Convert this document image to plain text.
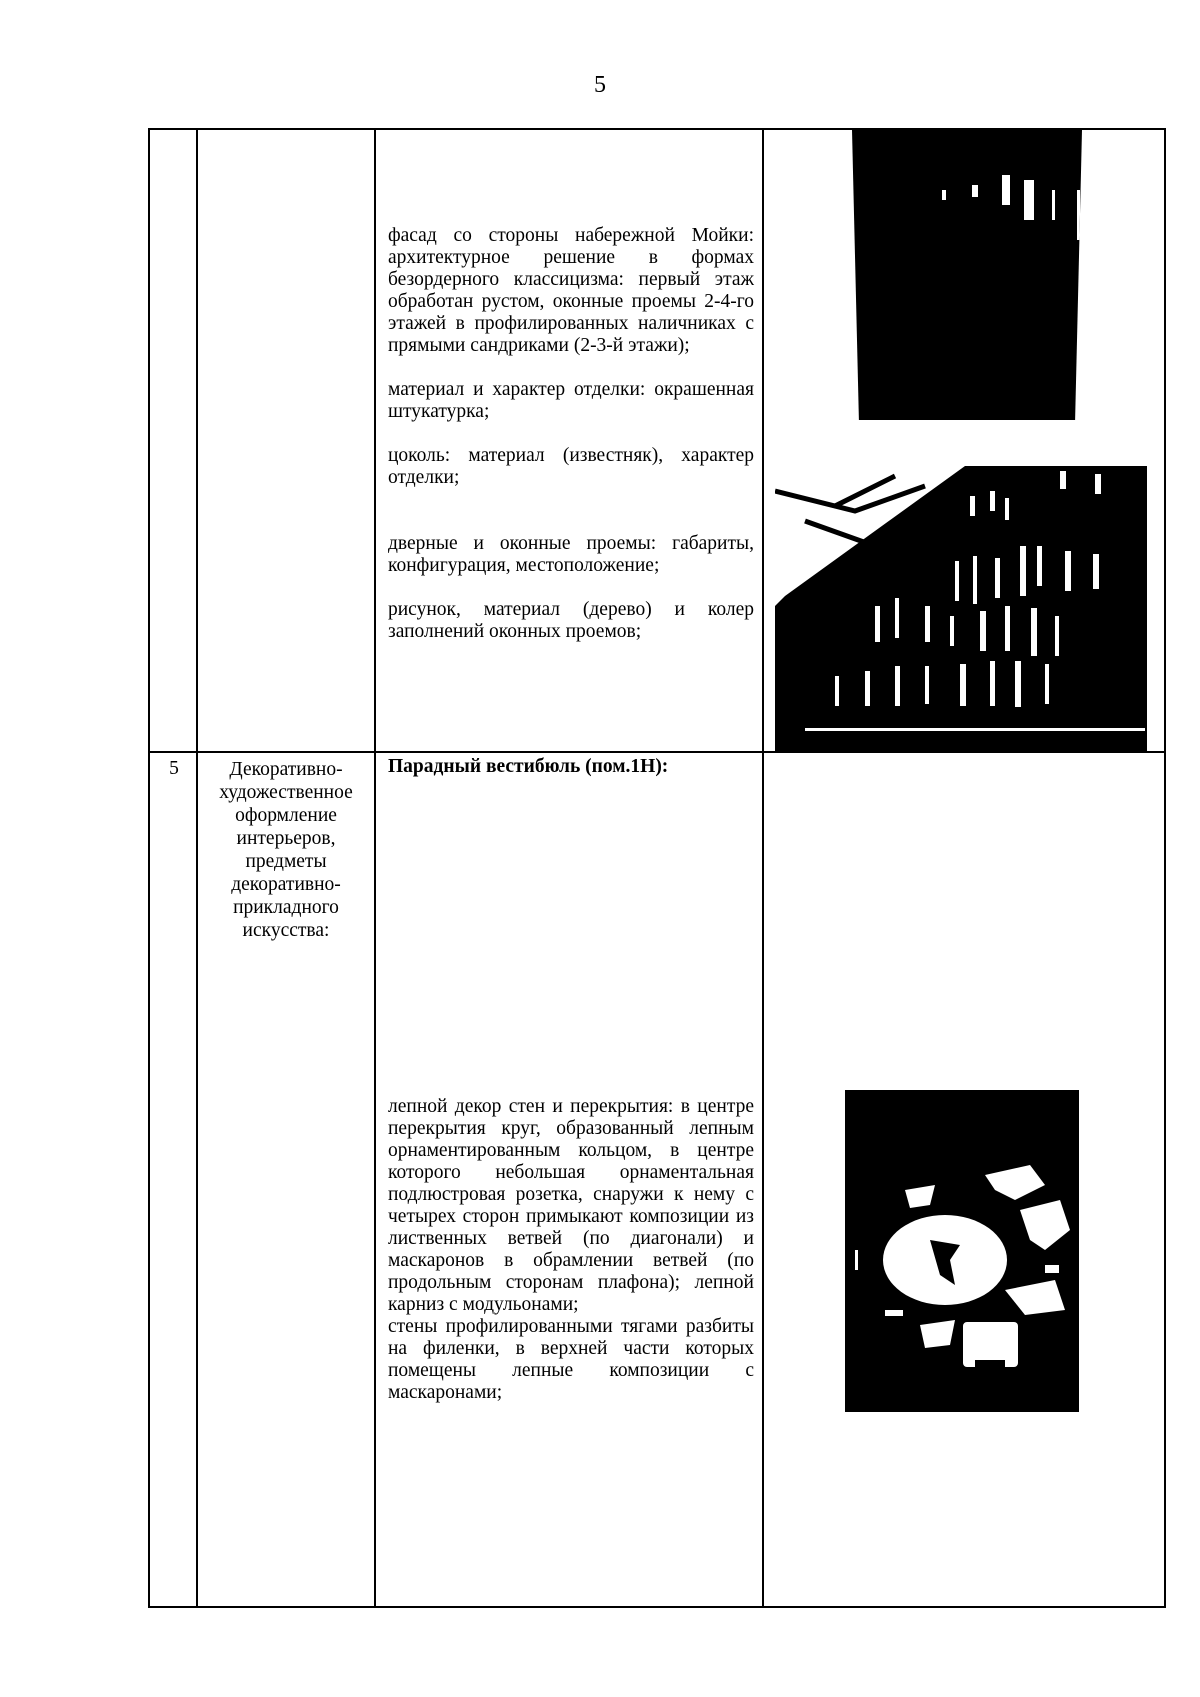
5

фасад со стороны набережной Мойки: архитектурное решение в формах безордерного классицизма: первый этаж обработан рустом, оконные проемы 2-4-го этажей в профилированных наличниках с прямыми сандриками (2-3-й этажи);

материал и характер отделки: окрашенная штукатурка;

цоколь: материал (известняк), характер отделки;

дверные и оконные проемы: габариты, конфигурация, местоположение;

рисунок, материал (дерево) и колер заполнений оконных проемов;

5	Декоративно-художественное оформление интерьеров, предметы декоративно-прикладного искусства:
Парадный вестибюль (пом.1Н):

лепной декор стен и перекрытия: в центре перекрытия круг, образованный лепным орнаментированным кольцом, в центре которого небольшая орнаментальная подлюстровая розетка, снаружи к нему с четырех сторон примыкают композиции из лиственных ветвей (по диагонали) и маскаронов в обрамлении ветвей (по продольным сторонам плафона); лепной карниз с модульонами;

стены профилированными тягами разбиты на филенки, в верхней части которых помещены лепные композиции с маскаронами;
